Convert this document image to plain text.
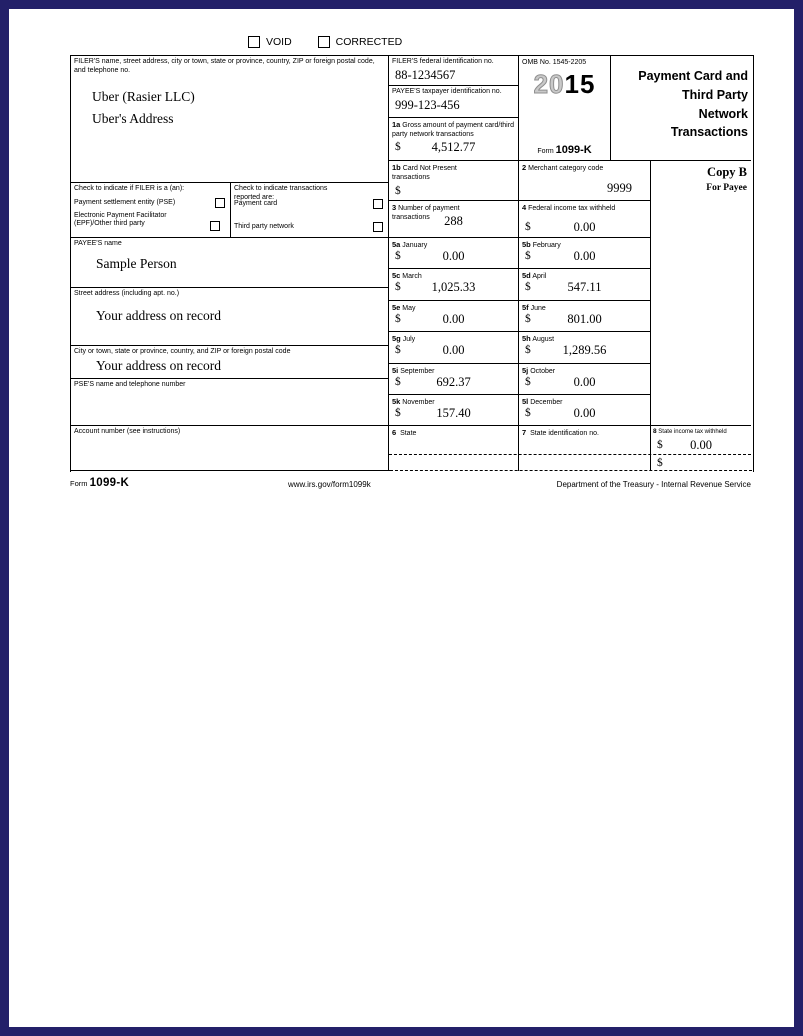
VOID	CORRECTED
FILER'S name, street address, city or town, state or province, country, ZIP or foreign postal code, and telephone no.
Uber (Rasier LLC)
Uber's Address
FILER'S federal identification no.
88-1234567
PAYEE'S taxpayer identification no.
999-123-456
1a Gross amount of payment card/third party network transactions
$ 4,512.77
OMB No. 1545-2205
2015
Form 1099-K
Payment Card and
Third Party
Network
Transactions
1b Card Not Present transactions
$
2 Merchant category code
9999
Copy B
For Payee
Check to indicate if FILER is a (an):
Payment settlement entity (PSE)
Electronic Payment Facilitator (EPF)/Other third party
Check to indicate transactions reported are:
Payment card
Third party network
3 Number of payment transactions	288
4 Federal income tax withheld
$	0.00
PAYEE'S name
Sample Person
Street address (including apt. no.)
Your address on record
City or town, state or province, country, and ZIP or foreign postal code
Your address on record
PSE'S name and telephone number
Account number (see instructions)
5a January
$	0.00
5b February
$	0.00
5c March
$ 1,025.33
5d April
$	547.11
5e May
$	0.00
5f June
$	801.00
5g July
$	0.00
5h August
$	1,289.56
5i September
$	692.37
5j October
$	0.00
5k November
$	157.40
5l December
$	0.00
6 State	7 State identification no.	8 State income tax withheld
$ 0.00
$
Form 1099-K	www.irs.gov/form1099k	Department of the Treasury - Internal Revenue Service
